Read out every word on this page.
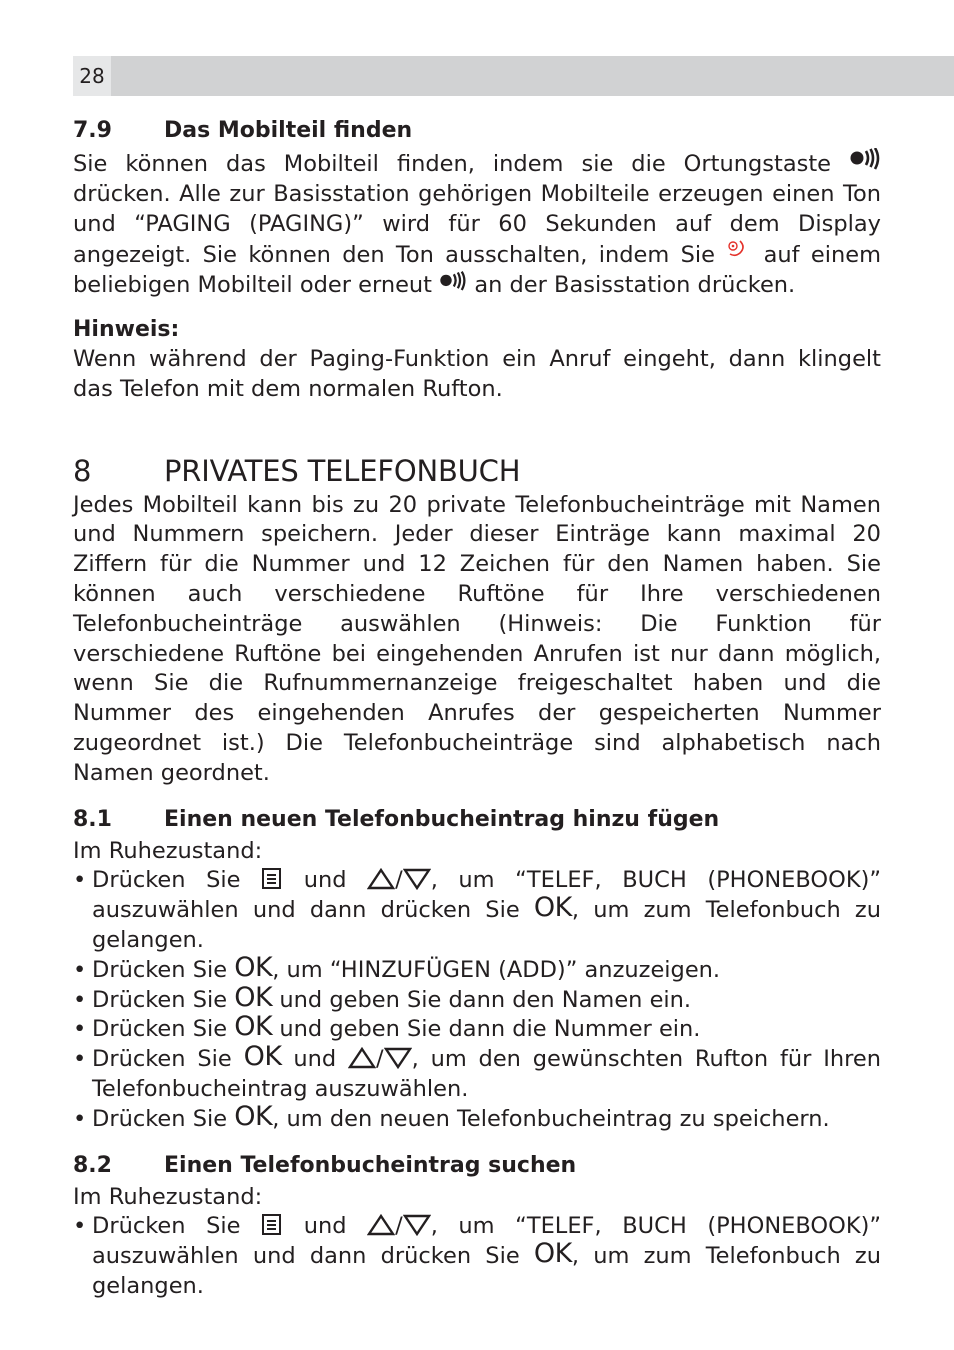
28
7.9	Das Mobilteil finden

Sie können das Mobilteil finden, indem sie die Ortungstaste  drücken. Alle zur Basisstation gehörigen Mobilteile erzeugen einen Ton und “PAGING (PAGING)” wird für 60 Sekunden auf dem Display angezeigt. Sie können den Ton ausschalten, indem Sie auf einem beliebigen Mobilteil oder erneut an der Basisstation drücken.

Hinweis:

Wenn während der Paging-Funktion ein Anruf eingeht, dann klingelt das Telefon mit dem normalen Rufton.

8	PRIVATES TELEFONBUCH

Jedes Mobilteil kann bis zu 20 private Telefonbucheinträge mit Namen und Nummern speichern. Jeder dieser Einträge kann maximal 20 Ziffern für die Nummer und 12 Zeichen für den Namen haben. Sie können auch verschiedene Ruftöne für Ihre verschiedenen Telefonbucheinträge auswählen (Hinweis: Die Funktion für verschiedene Ruftöne bei eingehenden Anrufen ist nur dann möglich, wenn Sie die Rufnummernanzeige freigeschaltet haben und die Nummer des eingehenden Anrufes der gespeicherten Nummer zugeordnet ist.) Die Telefonbucheinträge sind alphabetisch nach Namen geordnet.

8.1	Einen neuen Telefonbucheintrag hinzu fügen

Im Ruhezustand:

• Drücken Sie	und / , um “TELEF, BUCH (PHONEBOOK)” auszuwählen und dann drücken Sie OK, um zum Telefonbuch zu gelangen.
• Drücken Sie OK, um “HINZUFÜGEN (ADD)” anzuzeigen.
• Drücken Sie OK und geben Sie dann den Namen ein.
• Drücken Sie OK und geben Sie dann die Nummer ein.
• Drücken Sie OK und / , um den gewünschten Rufton für Ihren Telefonbucheintrag auszuwählen.
• Drücken Sie OK, um den neuen Telefonbucheintrag zu speichern.
8.2	Einen Telefonbucheintrag suchen

Im Ruhezustand:

• Drücken Sie	und / , um “TELEF, BUCH (PHONEBOOK)” auszuwählen und dann drücken Sie OK, um zum Telefonbuch zu gelangen.
